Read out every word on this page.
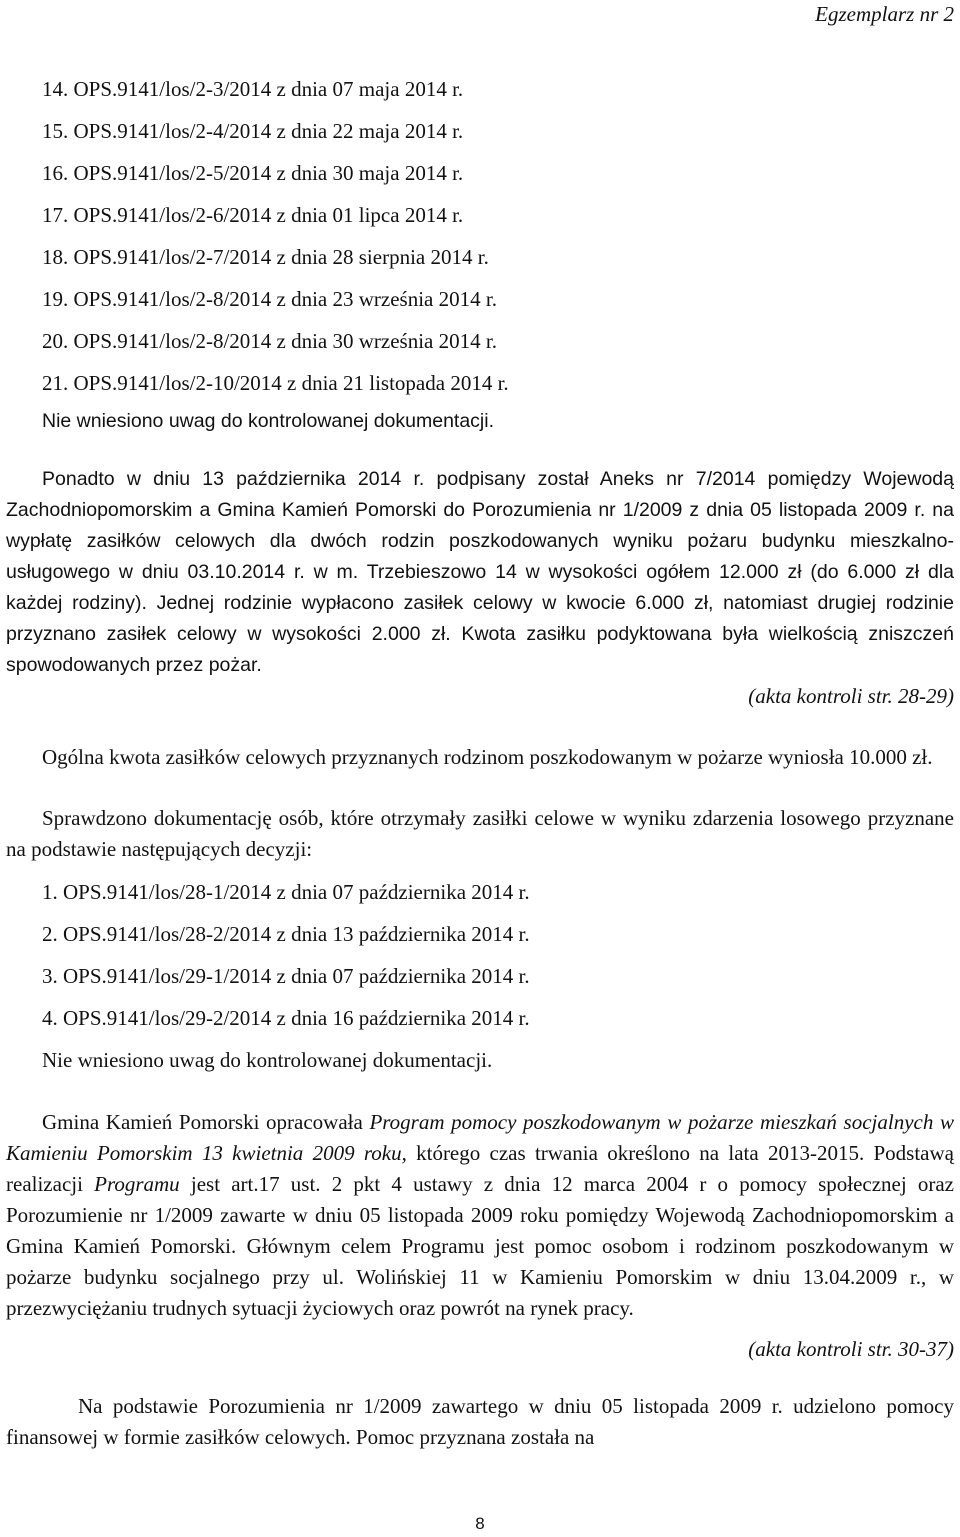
Egzemplarz nr 2
14. OPS.9141/los/2-3/2014 z dnia 07 maja 2014 r.
15. OPS.9141/los/2-4/2014 z dnia 22 maja 2014 r.
16. OPS.9141/los/2-5/2014 z dnia 30 maja 2014 r.
17. OPS.9141/los/2-6/2014 z dnia 01 lipca 2014 r.
18. OPS.9141/los/2-7/2014 z dnia 28 sierpnia 2014 r.
19. OPS.9141/los/2-8/2014 z dnia 23 września 2014 r.
20. OPS.9141/los/2-8/2014 z dnia 30 września 2014 r.
21. OPS.9141/los/2-10/2014 z dnia 21 listopada 2014 r.
Nie wniesiono uwag do kontrolowanej dokumentacji.

Ponadto w dniu 13 października 2014 r. podpisany został Aneks nr 7/2014 pomiędzy Wojewodą Zachodniopomorskim a Gmina Kamień Pomorski do Porozumienia nr 1/2009 z dnia 05 listopada 2009 r. na wypłatę zasiłków celowych dla dwóch rodzin poszkodowanych wyniku pożaru budynku mieszkalno-usługowego w dniu 03.10.2014 r. w m. Trzebieszowo 14 w wysokości ogółem 12.000 zł (do 6.000 zł dla każdej rodziny). Jednej rodzinie wypłacono zasiłek celowy w kwocie 6.000 zł, natomiast drugiej rodzinie przyznano zasiłek celowy w wysokości 2.000 zł. Kwota zasiłku podyktowana była wielkością zniszczeń spowodowanych przez pożar.

(akta kontroli str. 28-29)

Ogólna kwota zasiłków celowych przyznanych rodzinom poszkodowanym w pożarze wyniosła 10.000 zł.

Sprawdzono dokumentację osób, które otrzymały zasiłki celowe w wyniku zdarzenia losowego przyznane na podstawie następujących decyzji:

1. OPS.9141/los/28-1/2014 z dnia 07 października 2014 r.
2. OPS.9141/los/28-2/2014 z dnia 13 października 2014 r.
3. OPS.9141/los/29-1/2014 z dnia 07 października 2014 r.
4. OPS.9141/los/29-2/2014 z dnia 16 października 2014 r.
Nie wniesiono uwag do kontrolowanej dokumentacji.

Gmina Kamień Pomorski opracowała Program pomocy poszkodowanym w pożarze mieszkań socjalnych w Kamieniu Pomorskim 13 kwietnia 2009 roku, którego czas trwania określono na lata 2013-2015. Podstawą realizacji Programu jest art.17 ust. 2 pkt 4 ustawy z dnia 12 marca 2004 r o pomocy społecznej oraz Porozumienie nr 1/2009 zawarte w dniu 05 listopada 2009 roku pomiędzy Wojewodą Zachodniopomorskim a Gmina Kamień Pomorski. Głównym celem Programu jest pomoc osobom i rodzinom poszkodowanym w pożarze budynku socjalnego przy ul. Wolińskiej 11 w Kamieniu Pomorskim w dniu 13.04.2009 r., w przezwyciężaniu trudnych sytuacji życiowych oraz powrót na rynek pracy.

(akta kontroli str. 30-37)

Na podstawie Porozumienia nr 1/2009 zawartego w dniu 05 listopada 2009 r. udzielono pomocy finansowej w formie zasiłków celowych. Pomoc przyznana została na

8
